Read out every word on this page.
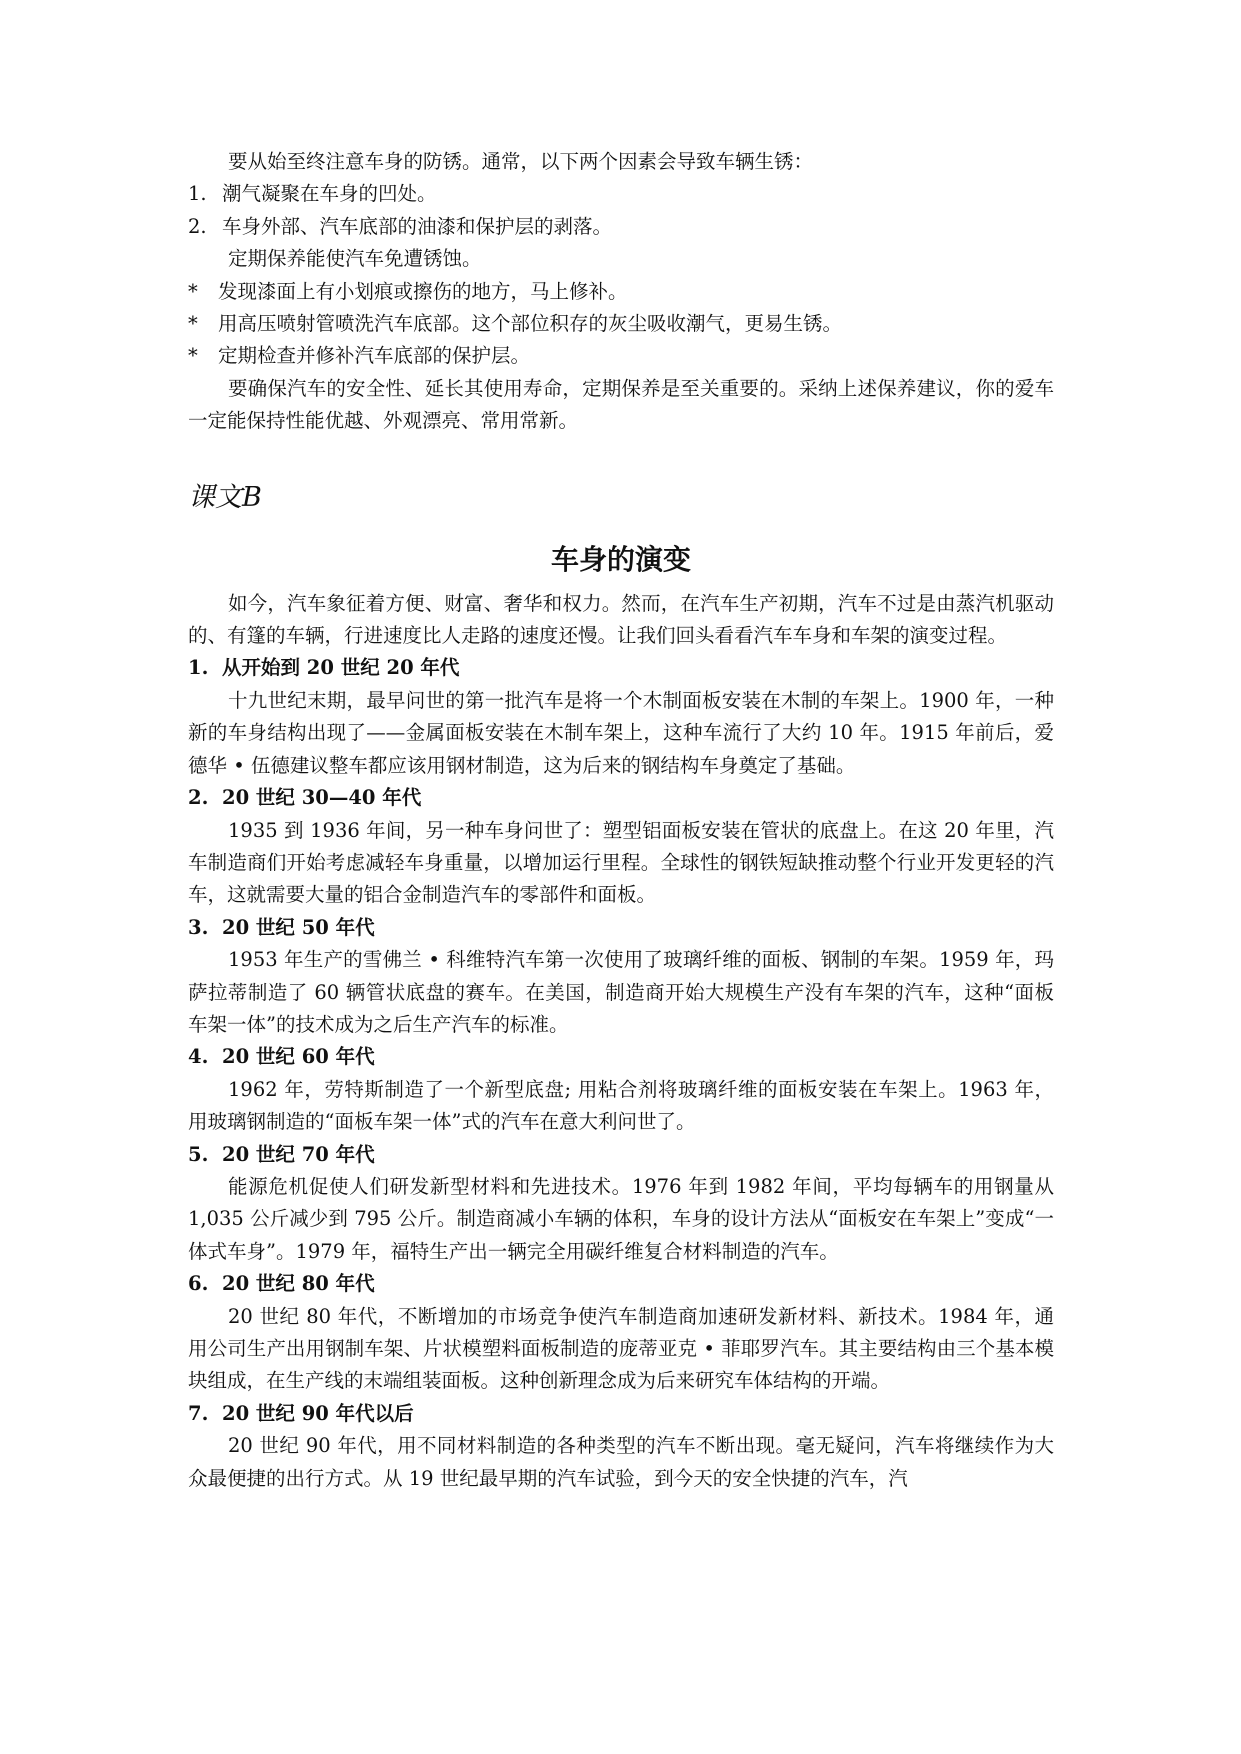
要从始至终注意车身的防锈。通常，以下两个因素会导致车辆生锈：

1. 潮气凝聚在车身的凹处。
2. 车身外部、汽车底部的油漆和保护层的剥落。

定期保养能使汽车免遭锈蚀。

*	发现漆面上有小划痕或擦伤的地方，马上修补。
*	用高压喷射管喷洗汽车底部。这个部位积存的灰尘吸收潮气，更易生锈。
*	定期检查并修补汽车底部的保护层。

要确保汽车的安全性、延长其使用寿命，定期保养是至关重要的。采纳上述保养建议，你的爱车一定能保持性能优越、外观漂亮、常用常新。

课文B
车身的演变

如今，汽车象征着方便、财富、奢华和权力。然而，在汽车生产初期，汽车不过是由蒸汽机驱动的、有篷的车辆，行进速度比人走路的速度还慢。让我们回头看看汽车车身和车架的演变过程。

1. 从开始到 20 世纪 20 年代

十九世纪末期，最早问世的第一批汽车是将一个木制面板安装在木制的车架上。1900 年，一种新的车身结构出现了——金属面板安装在木制车架上，这种车流行了大约 10 年。1915 年前后，爱德华 • 伍德建议整车都应该用钢材制造，这为后来的钢结构车身奠定了基础。

2. 20 世纪 30—40 年代

1935 到 1936 年间，另一种车身问世了：塑型铝面板安装在管状的底盘上。在这 20 年里，汽车制造商们开始考虑减轻车身重量，以增加运行里程。全球性的钢铁短缺推动整个行业开发更轻的汽车，这就需要大量的铝合金制造汽车的零部件和面板。

3. 20 世纪 50 年代

1953 年生产的雪佛兰 • 科维特汽车第一次使用了玻璃纤维的面板、钢制的车架。1959 年，玛萨拉蒂制造了 60 辆管状底盘的赛车。在美国，制造商开始大规模生产没有车架的汽车，这种“面板车架一体”的技术成为之后生产汽车的标准。

4. 20 世纪 60 年代

1962 年，劳特斯制造了一个新型底盘; 用粘合剂将玻璃纤维的面板安装在车架上。1963 年，用玻璃钢制造的“面板车架一体”式的汽车在意大利问世了。

5. 20 世纪 70 年代

能源危机促使人们研发新型材料和先进技术。1976 年到 1982 年间，平均每辆车的用钢量从 1,035 公斤减少到 795 公斤。制造商减小车辆的体积，车身的设计方法从“面板安在车架上”变成“一体式车身”。1979 年，福特生产出一辆完全用碳纤维复合材料制造的汽车。

6. 20 世纪 80 年代

20 世纪 80 年代，不断增加的市场竞争使汽车制造商加速研发新材料、新技术。1984 年，通用公司生产出用钢制车架、片状模塑料面板制造的庞蒂亚克 • 菲耶罗汽车。其主要结构由三个基本模块组成，在生产线的末端组装面板。这种创新理念成为后来研究车体结构的开端。

7. 20 世纪 90 年代以后

20 世纪 90 年代，用不同材料制造的各种类型的汽车不断出现。毫无疑问，汽车将继续作为大众最便捷的出行方式。从 19 世纪最早期的汽车试验，到今天的安全快捷的汽车，汽
